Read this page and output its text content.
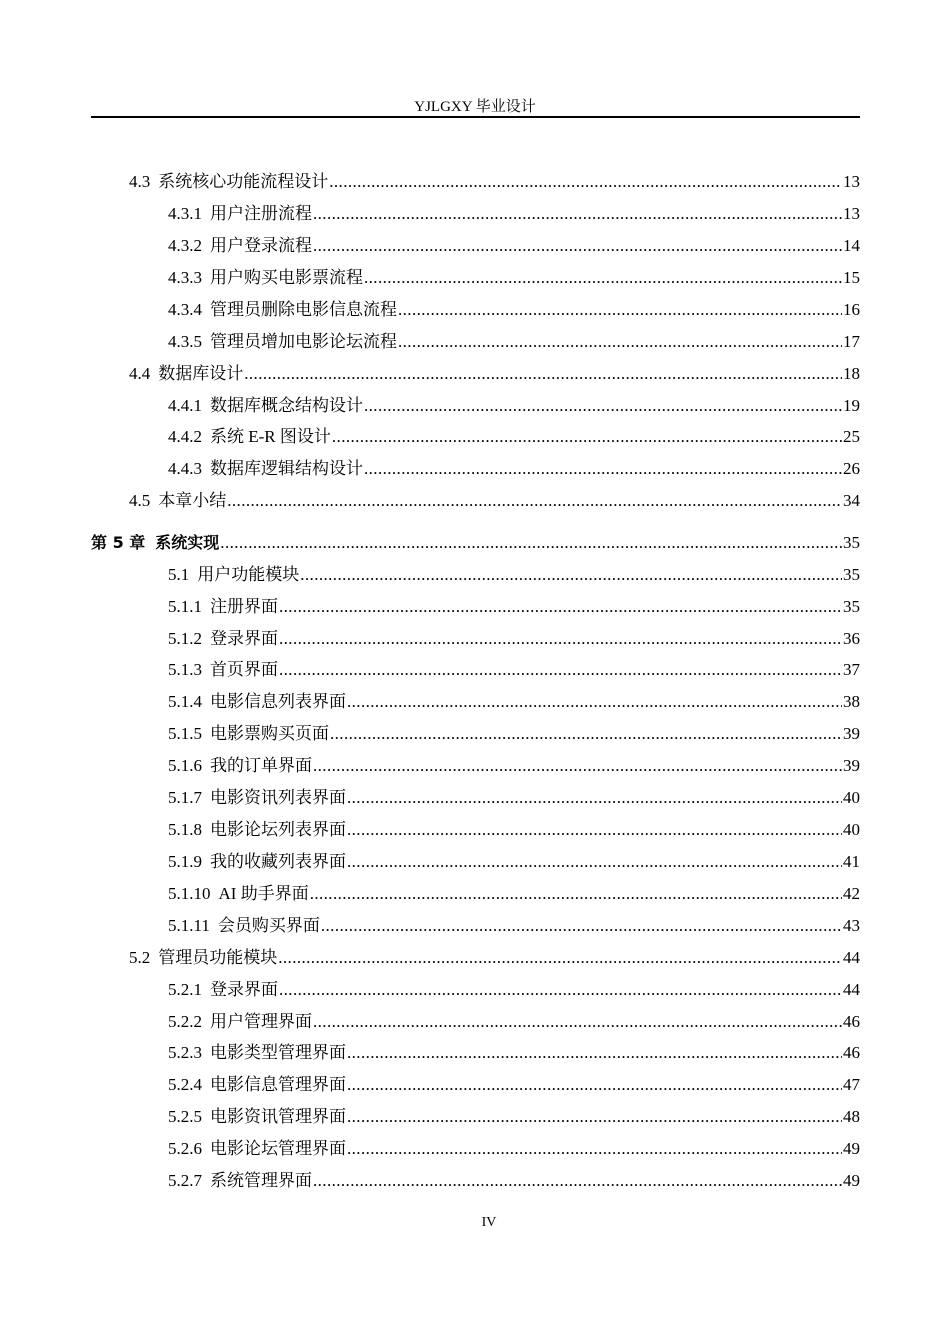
YJLGXY 毕业设计
4.3 系统核心功能流程设计 .....	13
4.3.1 用户注册流程 .....	13
4.3.2 用户登录流程 .....	14
4.3.3 用户购买电影票流程 .....	15
4.3.4 管理员删除电影信息流程 .....	16
4.3.5 管理员增加电影论坛流程 .....	17
4.4 数据库设计 .....	18
4.4.1 数据库概念结构设计 .....	19
4.4.2 系统 E-R 图设计 .....	25
4.4.3 数据库逻辑结构设计 .....	26
4.5 本章小结 .....	34
第 5 章 系统实现 .....	35
5.1 用户功能模块 .....	35
5.1.1 注册界面 .....	35
5.1.2 登录界面 .....	36
5.1.3 首页界面 .....	37
5.1.4 电影信息列表界面 .....	38
5.1.5 电影票购买页面 .....	39
5.1.6 我的订单界面 .....	39
5.1.7 电影资讯列表界面 .....	40
5.1.8 电影论坛列表界面 .....	40
5.1.9 我的收藏列表界面 .....	41
5.1.10 AI 助手界面 .....	42
5.1.11 会员购买界面 .....	43
5.2 管理员功能模块 .....	44
5.2.1 登录界面 .....	44
5.2.2 用户管理界面 .....	46
5.2.3 电影类型管理界面 .....	46
5.2.4 电影信息管理界面 .....	47
5.2.5 电影资讯管理界面 .....	48
5.2.6 电影论坛管理界面 .....	49
5.2.7 系统管理界面 .....	49
IV
